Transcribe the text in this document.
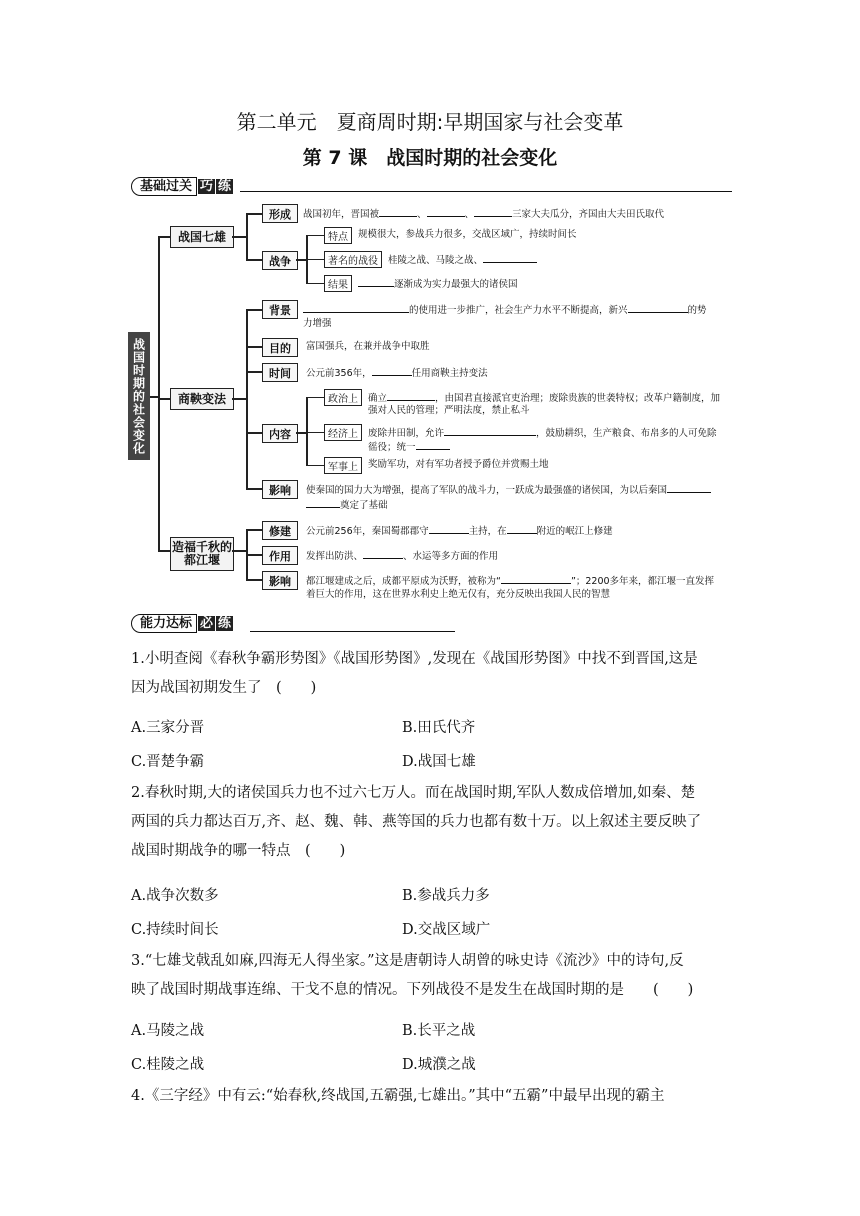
第二单元　夏商周时期:早期国家与社会变革
第 7 课　战国时期的社会变化
基础过关 巧 练
战国时期的社会变化
战国七雄
形成	战国初年，晋国被	、	、	三家大夫瓜分，齐国由大夫田氏取代
战争
特点	规模很大，参战兵力很多，交战区域广，持续时间长
著名的战役	桂陵之战、马陵之战、
结果	逐渐成为实力最强大的诸侯国
商鞅变法
背景	的使用进一步推广，社会生产力水平不断提高，新兴	的势
力增强
目的	富国强兵，在兼并战争中取胜
时间	公元前356年，	任用商鞅主持变法
内容
政治上	确立	，由国君直接派官吏治理；废除贵族的世袭特权；改革户籍制度，加
强对人民的管理；严明法度，禁止私斗
经济上	废除井田制，允许	，鼓励耕织，生产粮食、布帛多的人可免除
徭役；统一
军事上	奖励军功，对有军功者授予爵位并赏赐土地
影响	使秦国的国力大为增强，提高了军队的战斗力，一跃成为最强盛的诸侯国，为以后秦国
奠定了基础
造福千秋的都江堰
修建	公元前256年，秦国蜀郡郡守	主持，在	附近的岷江上修建
作用	发挥出防洪、	、水运等多方面的作用
影响	都江堰建成之后，成都平原成为沃野，被称为“	”；2200多年来，都江堰一直发挥
着巨大的作用，这在世界水利史上绝无仅有，充分反映出我国人民的智慧
能力达标 必 练
1.小明查阅《春秋争霸形势图》《战国形势图》,发现在《战国形势图》中找不到晋国,这是
因为战国初期发生了　(　　)
A.三家分晋	B.田氏代齐
C.晋楚争霸	D.战国七雄
2.春秋时期,大的诸侯国兵力也不过六七万人。而在战国时期,军队人数成倍增加,如秦、楚
两国的兵力都达百万,齐、赵、魏、韩、燕等国的兵力也都有数十万。以上叙述主要反映了
战国时期战争的哪一特点　(　　)
A.战争次数多	B.参战兵力多
C.持续时间长	D.交战区域广
3.“七雄戈戟乱如麻,四海无人得坐家。”这是唐朝诗人胡曾的咏史诗《流沙》中的诗句,反
映了战国时期战事连绵、干戈不息的情况。下列战役不是发生在战国时期的是　　(　　)
A.马陵之战	B.长平之战
C.桂陵之战	D.城濮之战
4.《三字经》中有云:“始春秋,终战国,五霸强,七雄出。”其中“五霸”中最早出现的霸主
